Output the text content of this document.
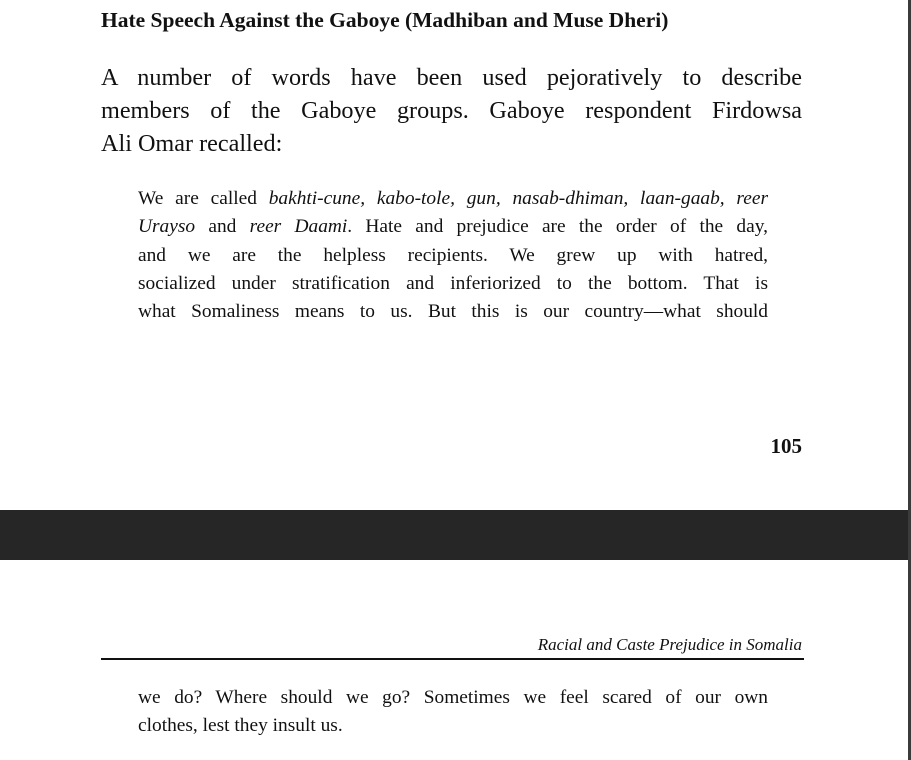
Hate Speech Against the Gaboye (Madhiban and Muse Dheri)

A number of words have been used pejoratively to describe
members of the Gaboye groups. Gaboye respondent Firdowsa
Ali Omar recalled:

We are called bakhti-cune, kabo-tole, gun, nasab-dhiman, laan-gaab, reer
Urayso and reer Daami. Hate and prejudice are the order of the day,
and we are the helpless recipients. We grew up with hatred,
socialized under stratification and inferiorized to the bottom. That is
what Somaliness means to us. But this is our country—what should

105
Racial and Caste Prejudice in Somalia

we do? Where should we go? Sometimes we feel scared of our own
clothes, lest they insult us.
